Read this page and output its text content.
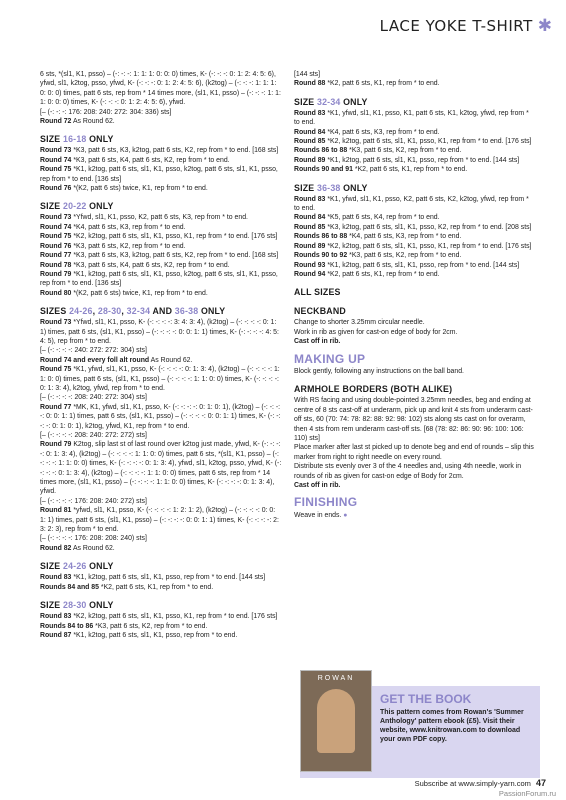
LACE YOKE T-SHIRT ✱
6 sts, *(sl1, K1, psso) – (-: -: -: 1: 1: 1: 0: 0: 0) times, K- (-: -: -: 0: 1: 2: 4: 5: 6), yfwd, sl1, k2tog, psso, yfwd, K- (-: -: -: 0: 1: 2: 4: 5: 6), (k2tog) – (-: -: -: 1: 1: 1: 0: 0: 0) times, patt 6 sts, rep from * 14 times more, (sl1, K1, psso) – (-: -: -: 1: 1: 1: 0: 0: 0) times, K- (-: -: -: 0: 1: 2: 4: 5: 6), yfwd.
[– (-: -: -: 176: 208: 240: 272: 304: 336) sts]
Round 72 As Round 62.
SIZE 16-18 ONLY
Round 73 *K3, patt 6 sts, K3, k2tog, patt 6 sts, K2, rep from * to end. [168 sts]
Round 74 *K3, patt 6 sts, K4, patt 6 sts, K2, rep from * to end.
Round 75 *K1, k2tog, patt 6 sts, sl1, K1, psso, k2tog, patt 6 sts, sl1, K1, psso, rep from * to end. [136 sts]
Round 76 *(K2, patt 6 sts) twice, K1, rep from * to end.
SIZE 20-22 ONLY
Round 73 *Yfwd, sl1, K1, psso, K2, patt 6 sts, K3, rep from * to end.
Round 74 *K4, patt 6 sts, K3, rep from * to end.
Round 75 *K2, k2tog, patt 6 sts, sl1, K1, psso, K1, rep from * to end. [176 sts]
Round 76 *K3, patt 6 sts, K2, rep from * to end.
Round 77 *K3, patt 6 sts, K3, k2tog, patt 6 sts, K2, rep from * to end. [168 sts]
Round 78 *K3, patt 6 sts, K4, patt 6 sts, K2, rep from * to end.
Round 79 *K1, k2tog, patt 6 sts, sl1, K1, psso, k2tog, patt 6 sts, sl1, K1, psso, rep from * to end. [136 sts]
Round 80 *(K2, patt 6 sts) twice, K1, rep from * to end.
SIZES 24-26, 28-30, 32-34 AND 36-38 ONLY
Round 73 *Yfwd, sl1, K1, psso, K- (-: -: -: -: 3: 4: 3: 4), (k2tog) – (-: -: -: -: 0: 1: 1) times, patt 6 sts, (sl1, K1, psso) – (-: -: -: -: 0: 0: 1: 1) times, K- (-: -: -: -: 4: 5: 4: 5), rep from * to end.
[– (-: -: -: -: 240: 272: 272: 304) sts]
Round 74 and every foll alt round As Round 62.
Round 75 *K1, yfwd, sl1, K1, psso, K- (-: -: -: -: 0: 1: 3: 4), (k2tog) – (-: -: -: -: 1: 1: 0: 0) times, patt 6 sts, (sl1, K1, psso) – (-: -: -: -: 1: 1: 0: 0) times, K- (-: -: -: -: 0: 1: 3: 4), k2tog, yfwd, rep from * to end.
[– (-: -: -: -: 208: 240: 272: 304) sts]
Round 77 *MK, K1, yfwd, sl1, K1, psso, K- (-: -: -: -: 0: 1: 0: 1), (k2tog) – (-: -: -: -: 0: 0: 1: 1) times, patt 6 sts, (sl1, K1, psso) – (-: -: -: -: 0: 0: 1: 1) times, K- (-: -: -: -: 0: 1: 0: 1), k2tog, yfwd, K1, rep from * to end.
[– (-: -: -: -: 208: 240: 272: 272) sts]
Round 79 K2tog, slip last st of last round over k2tog just made, yfwd, K- (-: -: -: -: 0: 1: 3: 4), (k2tog) – (-: -: -: -: 1: 1: 0: 0) times, patt 6 sts, *(sl1, K1, psso) – (-: -: -: -: 1: 1: 0: 0) times, K- (-: -: -: -: 0: 1: 3: 4), yfwd, sl1, k2tog, psso, yfwd, K- (-: -: -: -: 0: 1: 3: 4), (k2tog) – (-: -: -: -: 1: 1: 0: 0) times, patt 6 sts, rep from * 14 times more, (sl1, K1, psso) – (-: -: -: -: 1: 1: 0: 0) times, K- (-: -: -: -: 0: 1: 3: 4), yfwd.
[– (-: -: -: -: 176: 208: 240: 272) sts]
Round 81 *yfwd, sl1, K1, psso, K- (-: -: -: -: 1: 2: 1: 2), (k2tog) – (-: -: -: -: 0: 0: 1: 1) times, patt 6 sts, (sl1, K1, psso) – (-: -: -: -: 0: 0: 1: 1) times, K- (-: -: -: -: 2: 3: 2: 3), rep from * to end.
[– (-: -: -: -: 176: 208: 208: 240) sts]
Round 82 As Round 62.
SIZE 24-26 ONLY
Round 83 *K1, k2tog, patt 6 sts, sl1, K1, psso, rep from * to end. [144 sts]
Rounds 84 and 85 *K2, patt 6 sts, K1, rep from * to end.
SIZE 28-30 ONLY
Round 83 *K2, k2tog, patt 6 sts, sl1, K1, psso, K1, rep from * to end. [176 sts]
Rounds 84 to 86 *K3, patt 6 sts, K2, rep from * to end.
Round 87 *K1, k2tog, patt 6 sts, sl1, K1, psso, rep from * to end.
[144 sts]
Round 88 *K2, patt 6 sts, K1, rep from * to end.
SIZE 32-34 ONLY
Round 83 *K1, yfwd, sl1, K1, psso, K1, patt 6 sts, K1, k2tog, yfwd, rep from * to end.
Round 84 *K4, patt 6 sts, K3, rep from * to end.
Round 85 *K2, k2tog, patt 6 sts, sl1, K1, psso, K1, rep from * to end. [176 sts]
Rounds 86 to 88 *K3, patt 6 sts, K2, rep from * to end.
Round 89 *K1, k2tog, patt 6 sts, sl1, K1, psso, rep from * to end. [144 sts]
Rounds 90 and 91 *K2, patt 6 sts, K1, rep from * to end.
SIZE 36-38 ONLY
Round 83 *K1, yfwd, sl1, K1, psso, K2, patt 6 sts, K2, k2tog, yfwd, rep from * to end.
Round 84 *K5, patt 6 sts, K4, rep from * to end.
Round 85 *K3, k2tog, patt 6 sts, sl1, K1, psso, K2, rep from * to end. [208 sts]
Rounds 86 to 88 *K4, patt 6 sts, K3, rep from * to end.
Round 89 *K2, k2tog, patt 6 sts, sl1, K1, psso, K1, rep from * to end. [176 sts]
Rounds 90 to 92 *K3, patt 6 sts, K2, rep from * to end.
Round 93 *K1, k2tog, patt 6 sts, sl1, K1, psso, rep from * to end. [144 sts]
Round 94 *K2, patt 6 sts, K1, rep from * to end.
ALL SIZES
NECKBAND
Change to shorter 3.25mm circular needle.
Work in rib as given for cast-on edge of body for 2cm.
Cast off in rib.
MAKING UP
Block gently, following any instructions on the ball band.
ARMHOLE BORDERS (BOTH ALIKE)
With RS facing and using double-pointed 3.25mm needles, beg and ending at centre of 8 sts cast-off at underarm, pick up and knit 4 sts from underarm cast-off sts, 60 (70: 74: 78: 82: 88: 92: 98: 102) sts along sts cast on for overarm, then 4 sts from rem underarm cast-off sts. [68 (78: 82: 86: 90: 96: 100: 106: 110) sts]
Place marker after last st picked up to denote beg and end of rounds – slip this marker from right to right needle on every round.
Distribute sts evenly over 3 of the 4 needles and, using 4th needle, work in rounds of rib as given for cast-on edge of Body for 2cm.
Cast off in rib.
FINISHING
Weave in ends. ●
ROWAN
GET THE BOOK
This pattern comes from Rowan's 'Summer Anthology' pattern ebook (£5). Visit their website, www.knitrowan.com to download your own PDF copy.
Subscribe at www.simply-yarn.com 47
PassionForum.ru
